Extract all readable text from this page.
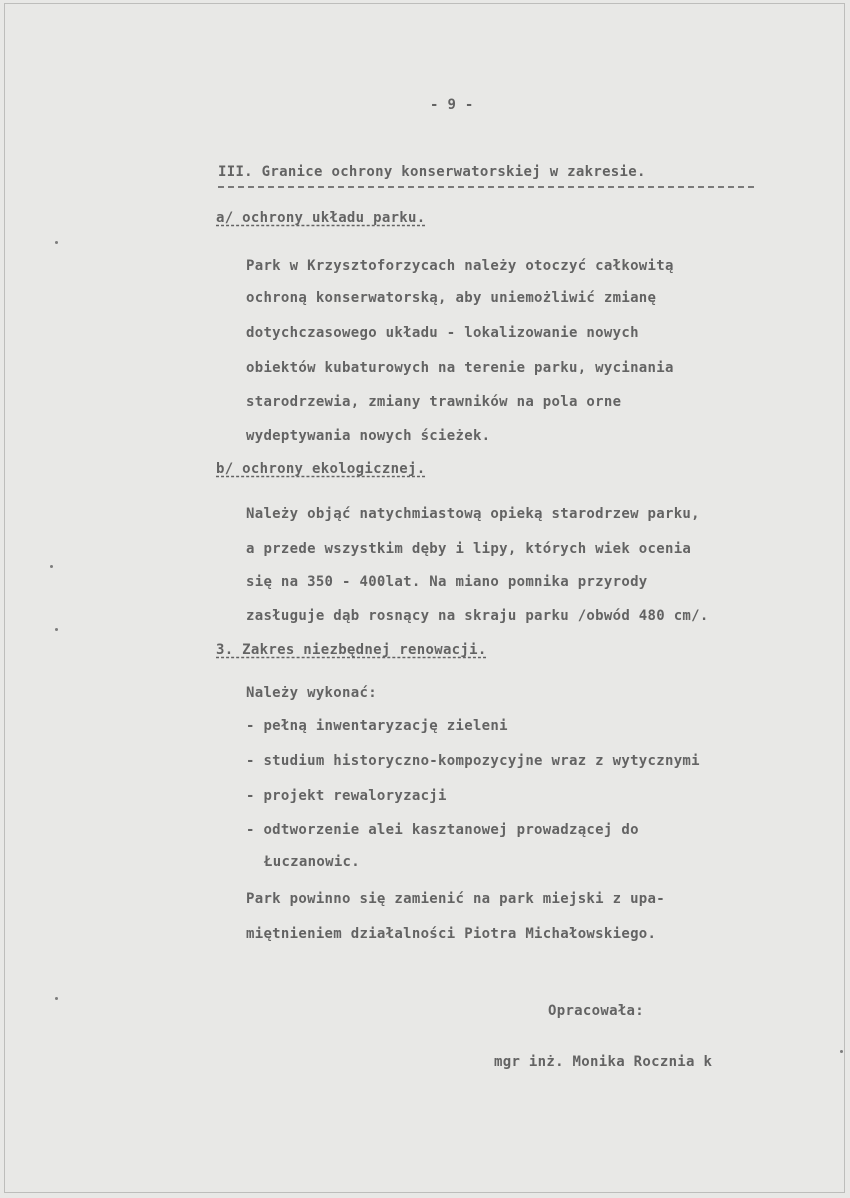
- 9 -
III. Granice ochrony konserwatorskiej w zakresie.
a/ ochrony układu parku.
Park w Krzysztoforzycach należy otoczyć całkowitą
ochroną konserwatorską, aby uniemożliwić zmianę
dotychczasowego układu - lokalizowanie nowych
obiektów kubaturowych na terenie parku, wycinania
starodrzewia, zmiany trawników na pola orne
wydeptywania nowych ścieżek.
b/ ochrony ekologicznej.
Należy objąć natychmiastową opieką starodrzew parku,
a przede wszystkim dęby i lipy, których wiek ocenia
się na 350 - 400lat. Na miano pomnika przyrody
zasługuje dąb rosnący na skraju parku /obwód 480 cm/.
3. Zakres niezbędnej renowacji.
Należy wykonać:
- pełną inwentaryzację zieleni
- studium historyczno-kompozycyjne wraz z wytycznymi
- projekt rewaloryzacji
- odtworzenie alei kasztanowej prowadzącej do
Łuczanowic.
Park powinno się zamienić na park miejski z upa-
miętnieniem działalności Piotra Michałowskiego.
Opracowała:
mgr inż. Monika Rocznia k
